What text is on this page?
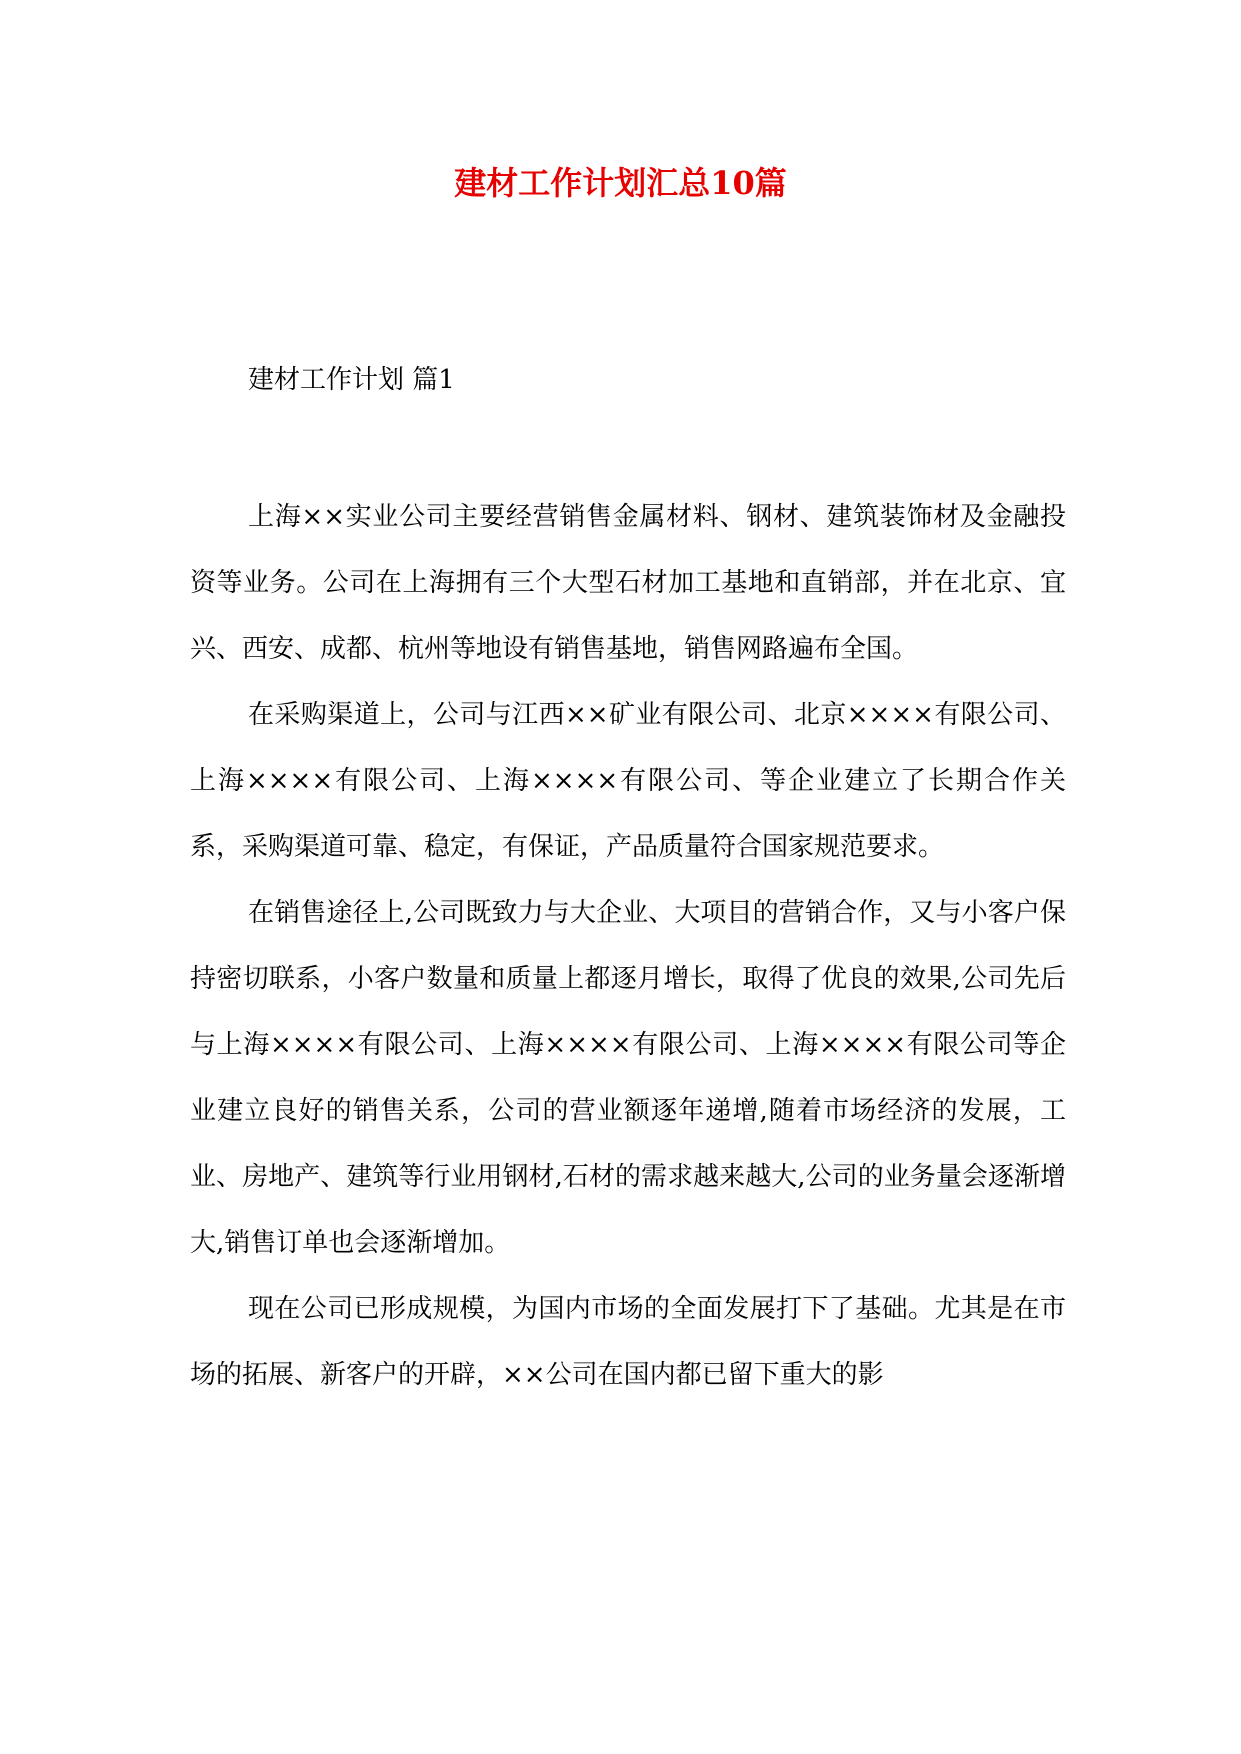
建材工作计划汇总10篇
建材工作计划 篇1

上海××实业公司主要经营销售金属材料、钢材、建筑装饰材及金融投资等业务。公司在上海拥有三个大型石材加工基地和直销部，并在北京、宜兴、西安、成都、杭州等地设有销售基地，销售网路遍布全国。

在采购渠道上，公司与江西××矿业有限公司、北京××××有限公司、上海××××有限公司、上海××××有限公司、等企业建立了长期合作关系，采购渠道可靠、稳定，有保证，产品质量符合国家规范要求。

在销售途径上,公司既致力与大企业、大项目的营销合作，又与小客户保持密切联系，小客户数量和质量上都逐月增长，取得了优良的效果,公司先后与上海××××有限公司、上海××××有限公司、上海××××有限公司等企业建立良好的销售关系，公司的营业额逐年递增,随着市场经济的发展，工业、房地产、建筑等行业用钢材,石材的需求越来越大,公司的业务量会逐渐增大,销售订单也会逐渐增加。

现在公司已形成规模，为国内市场的全面发展打下了基础。尤其是在市场的拓展、新客户的开辟，××公司在国内都已留下重大的影
